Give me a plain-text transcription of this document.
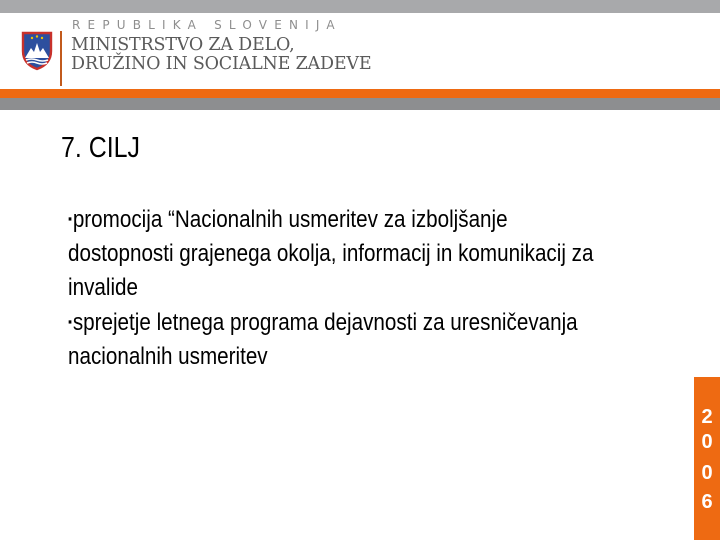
REPUBLIKA SLOVENIJA
MINISTRSTVO ZA DELO,
DRUŽINO IN SOCIALNE ZADEVE
7. CILJ
▪promocija “Nacionalnih usmeritev za izboljšanje
dostopnosti grajenega okolja, informacij in komunikacij za
invalide
▪sprejetje letnega programa dejavnosti za uresničevanja
nacionalnih usmeritev
2
0
0
6
